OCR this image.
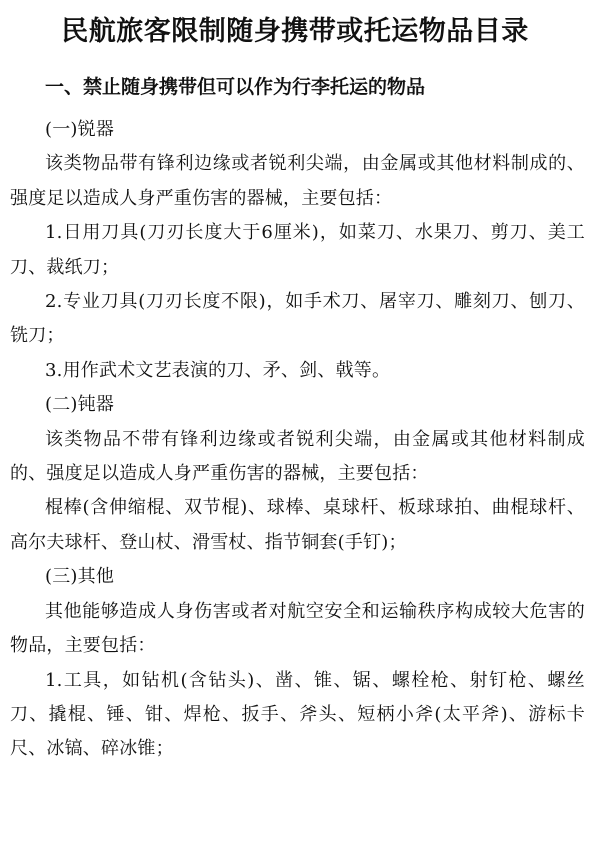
民航旅客限制随身携带或托运物品目录
一、禁止随身携带但可以作为行李托运的物品

(一)锐器

该类物品带有锋利边缘或者锐利尖端，由金属或其他材料制成的、强度足以造成人身严重伤害的器械，主要包括：

1.日用刀具(刀刃长度大于6厘米)，如菜刀、水果刀、剪刀、美工刀、裁纸刀；

2.专业刀具(刀刃长度不限)，如手术刀、屠宰刀、雕刻刀、刨刀、铣刀；

3.用作武术文艺表演的刀、矛、剑、戟等。

(二)钝器

该类物品不带有锋利边缘或者锐利尖端，由金属或其他材料制成的、强度足以造成人身严重伤害的器械，主要包括：

棍棒(含伸缩棍、双节棍)、球棒、桌球杆、板球球拍、曲棍球杆、高尔夫球杆、登山杖、滑雪杖、指节铜套(手钉)；

(三)其他

其他能够造成人身伤害或者对航空安全和运输秩序构成较大危害的物品，主要包括：

1.工具，如钻机(含钻头)、凿、锥、锯、螺栓枪、射钉枪、螺丝刀、撬棍、锤、钳、焊枪、扳手、斧头、短柄小斧(太平斧)、游标卡尺、冰镐、碎冰锥；
